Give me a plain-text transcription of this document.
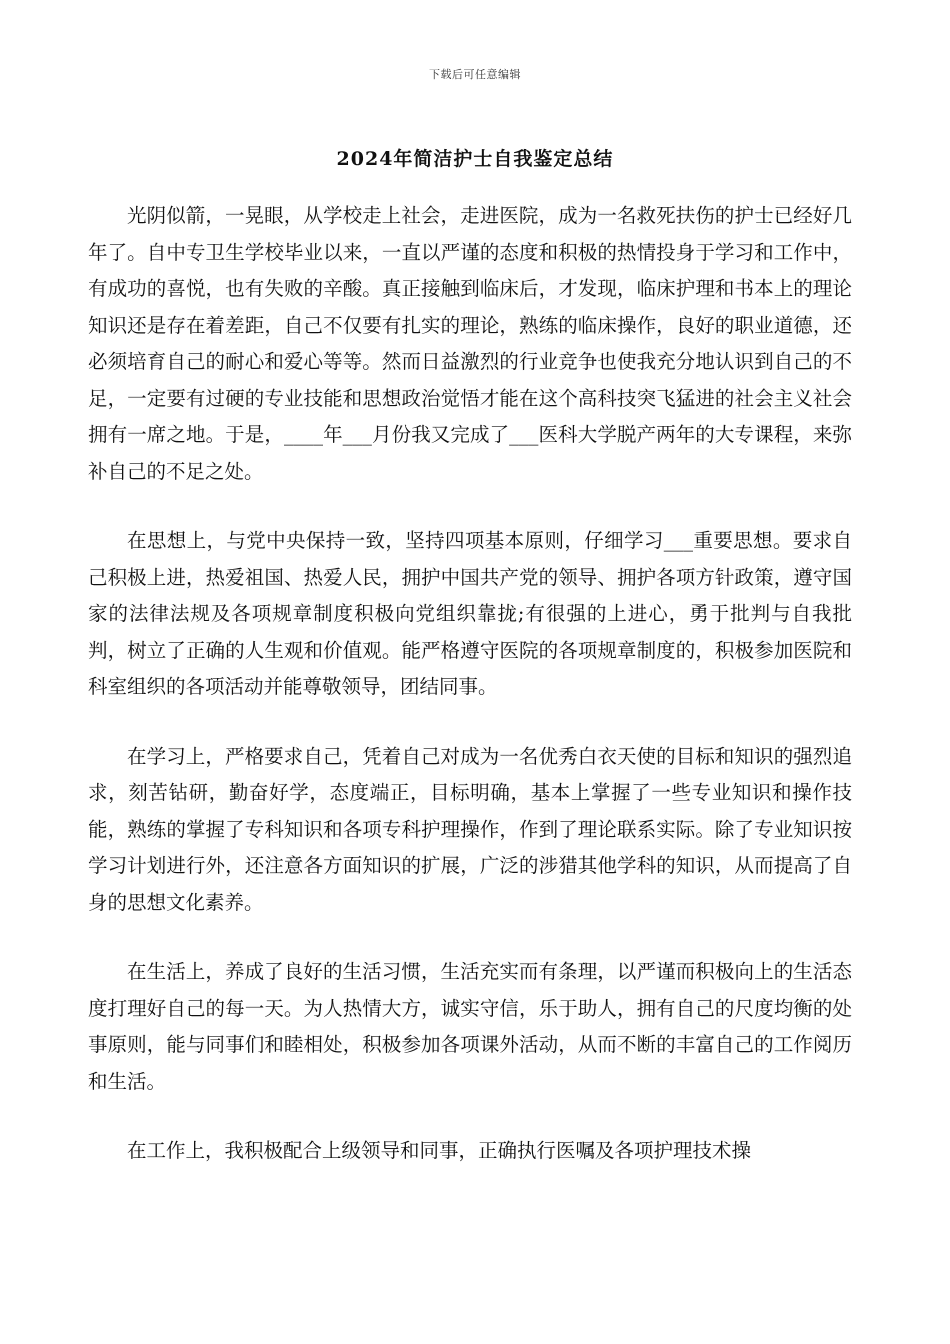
下载后可任意编辑
2024年简洁护士自我鉴定总结

光阴似箭，一晃眼，从学校走上社会，走进医院，成为一名救死扶伤的护士已经好几年了。自中专卫生学校毕业以来，一直以严谨的态度和积极的热情投身于学习和工作中，有成功的喜悦，也有失败的辛酸。真正接触到临床后，才发现，临床护理和书本上的理论知识还是存在着差距，自己不仅要有扎实的理论，熟练的临床操作，良好的职业道德，还必须培育自己的耐心和爱心等等。然而日益激烈的行业竞争也使我充分地认识到自己的不足，一定要有过硬的专业技能和思想政治觉悟才能在这个高科技突飞猛进的社会主义社会拥有一席之地。于是，____年___月份我又完成了___医科大学脱产两年的大专课程，来弥补自己的不足之处。

在思想上，与党中央保持一致，坚持四项基本原则，仔细学习___重要思想。要求自己积极上进，热爱祖国、热爱人民，拥护中国共产党的领导、拥护各项方针政策，遵守国家的法律法规及各项规章制度积极向党组织靠拢;有很强的上进心，勇于批判与自我批判，树立了正确的人生观和价值观。能严格遵守医院的各项规章制度的，积极参加医院和科室组织的各项活动并能尊敬领导，团结同事。

在学习上，严格要求自己，凭着自己对成为一名优秀白衣天使的目标和知识的强烈追求，刻苦钻研，勤奋好学，态度端正，目标明确，基本上掌握了一些专业知识和操作技能，熟练的掌握了专科知识和各项专科护理操作，作到了理论联系实际。除了专业知识按学习计划进行外，还注意各方面知识的扩展，广泛的涉猎其他学科的知识，从而提高了自身的思想文化素养。

在生活上，养成了良好的生活习惯，生活充实而有条理，以严谨而积极向上的生活态度打理好自己的每一天。为人热情大方，诚实守信，乐于助人，拥有自己的尺度均衡的处事原则，能与同事们和睦相处，积极参加各项课外活动，从而不断的丰富自己的工作阅历和生活。

在工作上，我积极配合上级领导和同事，正确执行医嘱及各项护理技术操
